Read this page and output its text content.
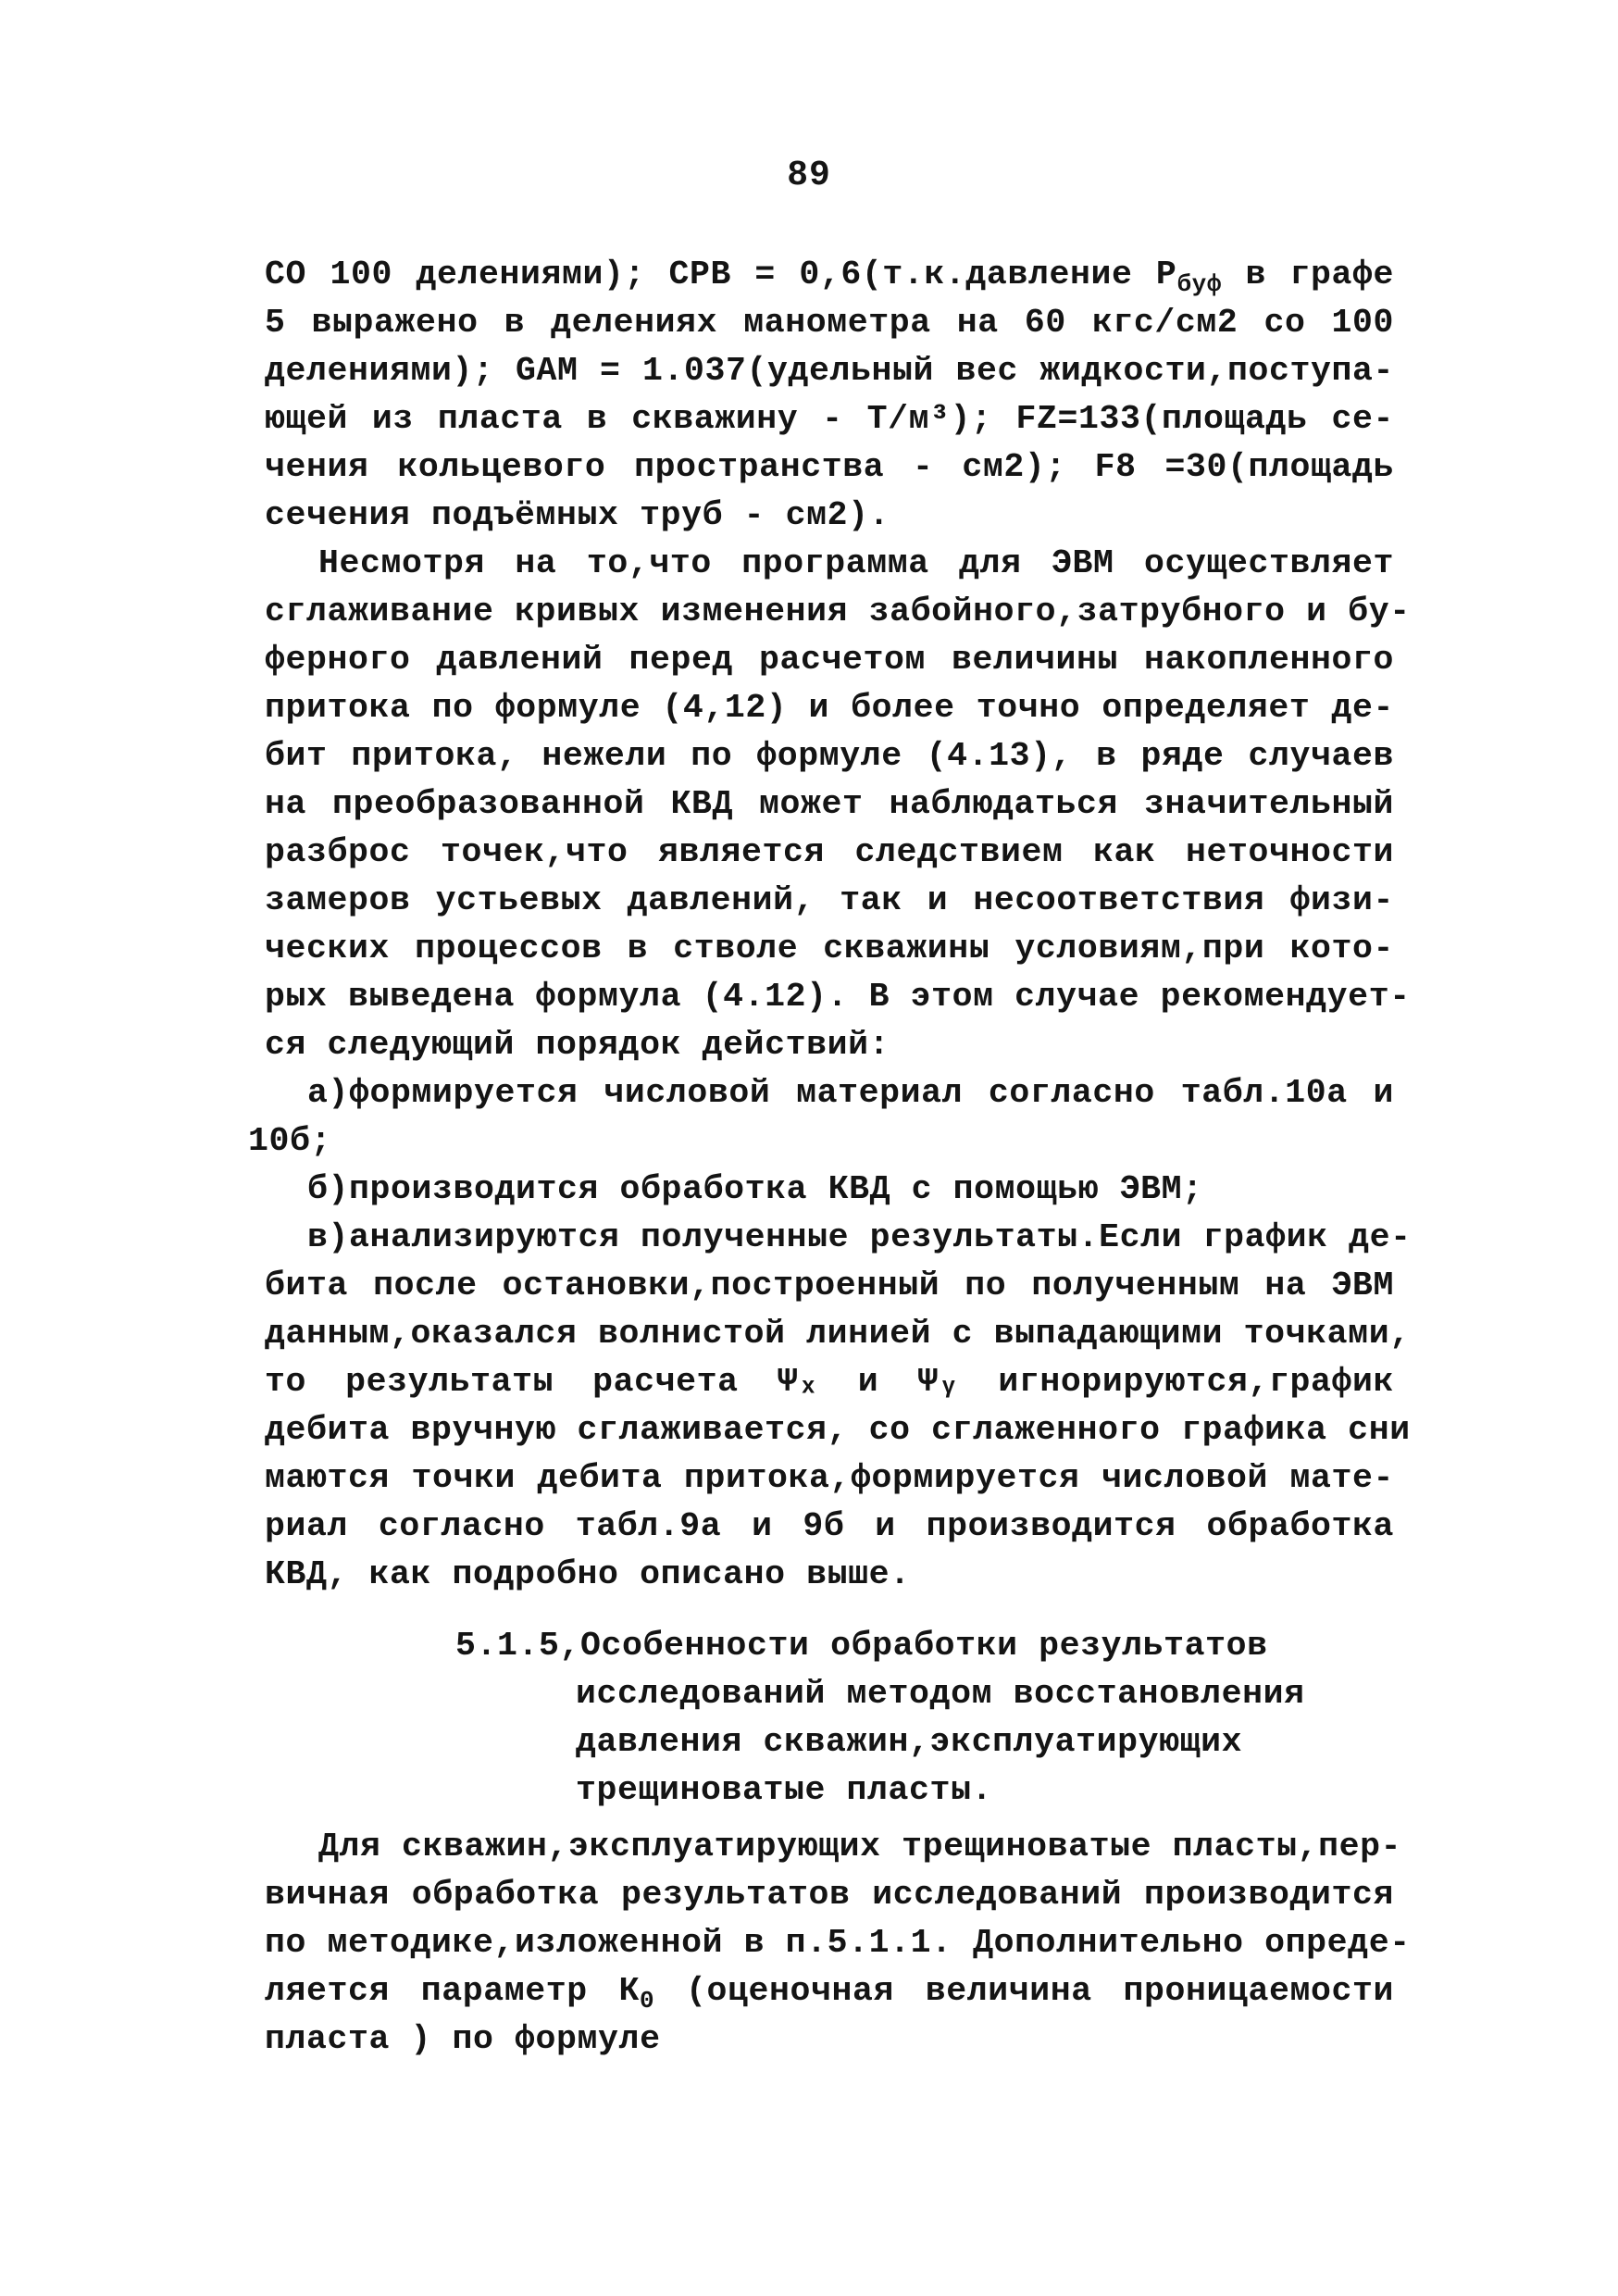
89
СО 100 делениями); СРВ = 0,6(т.к.давление $Р_{буф}$ в графе
5 выражено в делениях манометра на 60 кгс/см2 со 100
делениями); GAM = 1.037(удельный вес жидкости,поступа-
ющей из пласта в скважину - Т/м³); FZ=133(площадь се-
чения кольцевого пространства - см2); F8 =30(площадь
сечения подъёмных труб - см2).
Несмотря на то,что программа для ЭВМ осуществляет
сглаживание кривых изменения забойного,затрубного и бу-
ферного давлений перед расчетом величины накопленного
притока по формуле (4,12) и более точно определяет де-
бит притока, нежели по формуле (4.13), в ряде случаев
на преобразованной КВД может наблюдаться значительный
разброс точек,что является следствием как неточности
замеров устьевых давлений, так и несоответствия физи-
ческих процессов в стволе скважины условиям,при кото-
рых выведена формула (4.12). В этом случае рекомендует-
ся следующий порядок действий:
а)формируется числовой материал согласно табл.10а и
10б;
б)производится обработка КВД с помощью ЭВМ;
в)анализируются полученные результаты.Если график де-
бита после остановки,построенный по полученным на ЭВМ
данным,оказался волнистой линией с выпадающими точками,
то результаты расчета Ψₓ и Ψᵧ игнорируются,график
дебита вручную сглаживается, со сглаженного графика сни
маются точки дебита притока,формируется числовой мате-
риал согласно табл.9а и 9б и производится обработка
КВД, как подробно описано выше.
5.1.5,Особенности обработки результатов
исследований методом восстановления
давления скважин,эксплуатирующих
трещиноватые пласты.
Для скважин,эксплуатирующих трещиноватые пласты,пер-
вичная обработка результатов исследований производится
по методике,изложенной в п.5.1.1. Дополнительно опреде-
ляется параметр $К_0$ (оценочная величина проницаемости
пласта ) по формуле
